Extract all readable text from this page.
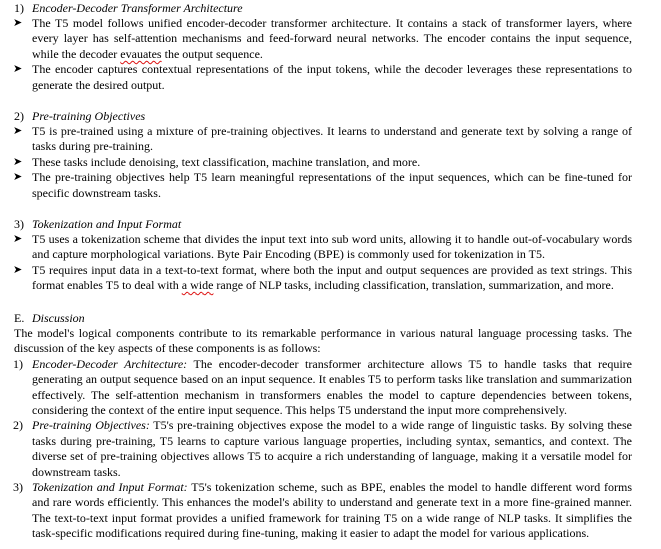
1) Encoder-Decoder Transformer Architecture
➤ The T5 model follows unified encoder-decoder transformer architecture. It contains a stack of transformer layers, where every layer has self-attention mechanisms and feed-forward neural networks. The encoder contains the input sequence, while the decoder evauates the output sequence.
➤ The encoder captures contextual representations of the input tokens, while the decoder leverages these representations to generate the desired output.
2) Pre-training Objectives
➤ T5 is pre-trained using a mixture of pre-training objectives. It learns to understand and generate text by solving a range of tasks during pre-training.
➤ These tasks include denoising, text classification, machine translation, and more.
➤ The pre-training objectives help T5 learn meaningful representations of the input sequences, which can be fine-tuned for specific downstream tasks.
3) Tokenization and Input Format
➤ T5 uses a tokenization scheme that divides the input text into sub word units, allowing it to handle out-of-vocabulary words and capture morphological variations. Byte Pair Encoding (BPE) is commonly used for tokenization in T5.
➤ T5 requires input data in a text-to-text format, where both the input and output sequences are provided as text strings. This format enables T5 to deal with a wide range of NLP tasks, including classification, translation, summarization, and more.
E. Discussion
The model's logical components contribute to its remarkable performance in various natural language processing tasks. The discussion of the key aspects of these components is as follows:
1) Encoder-Decoder Architecture: The encoder-decoder transformer architecture allows T5 to handle tasks that require generating an output sequence based on an input sequence. It enables T5 to perform tasks like translation and summarization effectively. The self-attention mechanism in transformers enables the model to capture dependencies between tokens, considering the context of the entire input sequence. This helps T5 understand the input more comprehensively.
2) Pre-training Objectives: T5's pre-training objectives expose the model to a wide range of linguistic tasks. By solving these tasks during pre-training, T5 learns to capture various language properties, including syntax, semantics, and context. The diverse set of pre-training objectives allows T5 to acquire a rich understanding of language, making it a versatile model for downstream tasks.
3) Tokenization and Input Format: T5's tokenization scheme, such as BPE, enables the model to handle different word forms and rare words efficiently. This enhances the model's ability to understand and generate text in a more fine-grained manner. The text-to-text input format provides a unified framework for training T5 on a wide range of NLP tasks. It simplifies the task-specific modifications required during fine-tuning, making it easier to adapt the model for various applications.
